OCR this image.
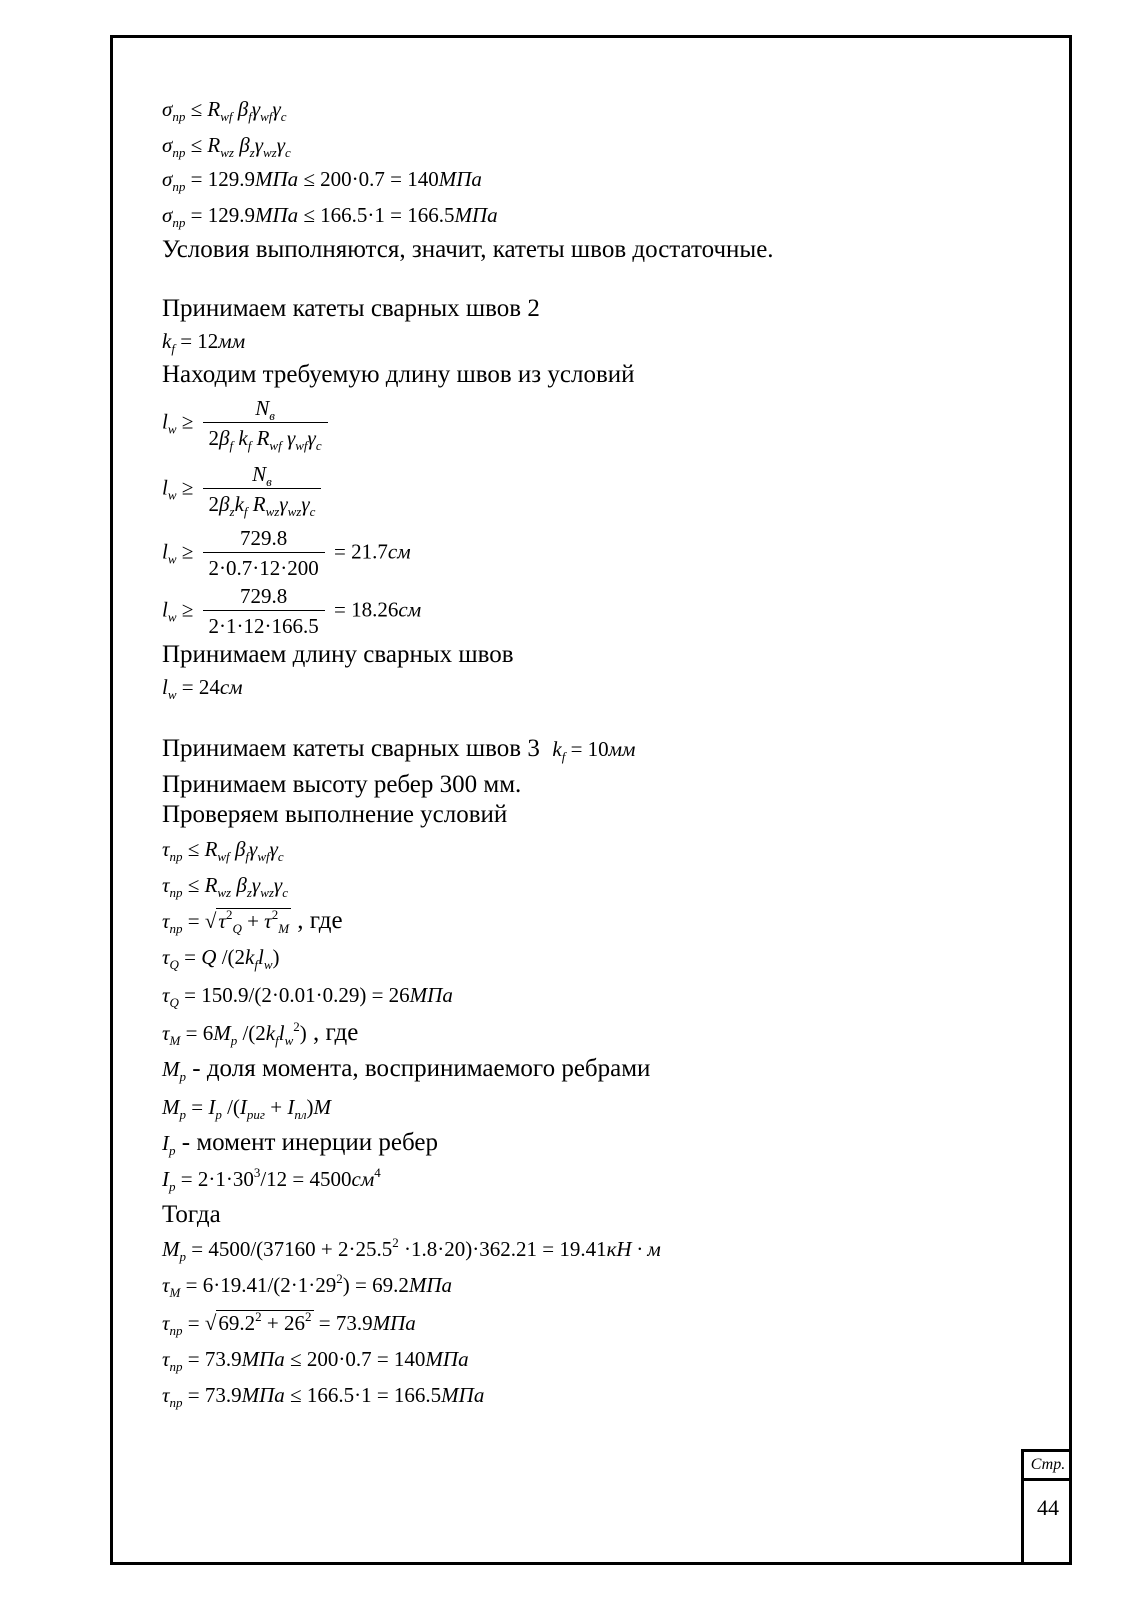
$\sigma_{пр} \le R_{wf}$ $\beta_f\gamma_{wf}\gamma_c$
$\sigma_{пр} \le R_{wz}$ $\beta_z\gamma_{wz}\gamma_c$
$\sigma_{пр} = 129.9МПа \le 200\cdot 0.7 = 140МПа$
$\sigma_{пр} = 129.9МПа \le 166.5\cdot 1 = 166.5МПа$
Условия выполняются, значит, катеты швов достаточные.
Принимаем катеты сварных швов 2
$k_f = 12мм$
Находим требуемую длину швов из условий
$l_w \ge \frac{N_в}{2\beta_f k_f R_{wf} \gamma_{wf}\gamma_c}$
$l_w \ge \frac{N_в}{2\beta_zk_f R_{wz}\gamma_{wz}\gamma_c}$
$l_w \ge \frac{729.8}{2\cdot 0.7\cdot 12\cdot 200} = 21.7см$
$l_w \ge \frac{729.8}{2\cdot 1\cdot 12\cdot 166.5} = 18.26см$
Принимаем длину сварных швов
$l_w = 24см$
Принимаем катеты сварных швов 3 $k_f = 10мм$
Принимаем высоту ребер 300 мм.
Проверяем выполнение условий
$\tau_{пр} \le R_{wf}$ $\beta_f\gamma_{wf}\gamma_c$
$\tau_{пр} \le R_{wz}$ $\beta_z\gamma_{wz}\gamma_c$
$\tau_{пр} = √\tau^2_Q + \tau^2_M$ , где
$\tau_Q = Q$ $/(2k_fl_w)$
$\tau_Q = 150.9/(2\cdot 0.01\cdot 0.29) = 26МПа$
$\tau_M = 6M_p$ $/(2k_fl_w^2)$ , где
$M_p$ - доля момента, воспринимаемого ребрами
$M_p = I_p$ $/(I_{риг} + I_{пл})M$
$I_p$ - момент инерции ребер
$I_p = 2\cdot 1\cdot 30^3/12 = 4500см^4$
Тогда
$M_p = 4500/(37160 + 2\cdot 25.5^2 \cdot 1.8\cdot 20)\cdot 362.21 = 19.41кН \cdot м$
$\tau_M = 6\cdot 19.41/(2\cdot 1\cdot 29^2) = 69.2МПа$
$\tau_{пр} = √69.2^2 + 26^2 = 73.9МПа$
$\tau_{пр} = 73.9МПа \le 200\cdot 0.7 = 140МПа$
$\tau_{пр} = 73.9МПа \le 166.5\cdot 1 = 166.5МПа$
Стр.
44
